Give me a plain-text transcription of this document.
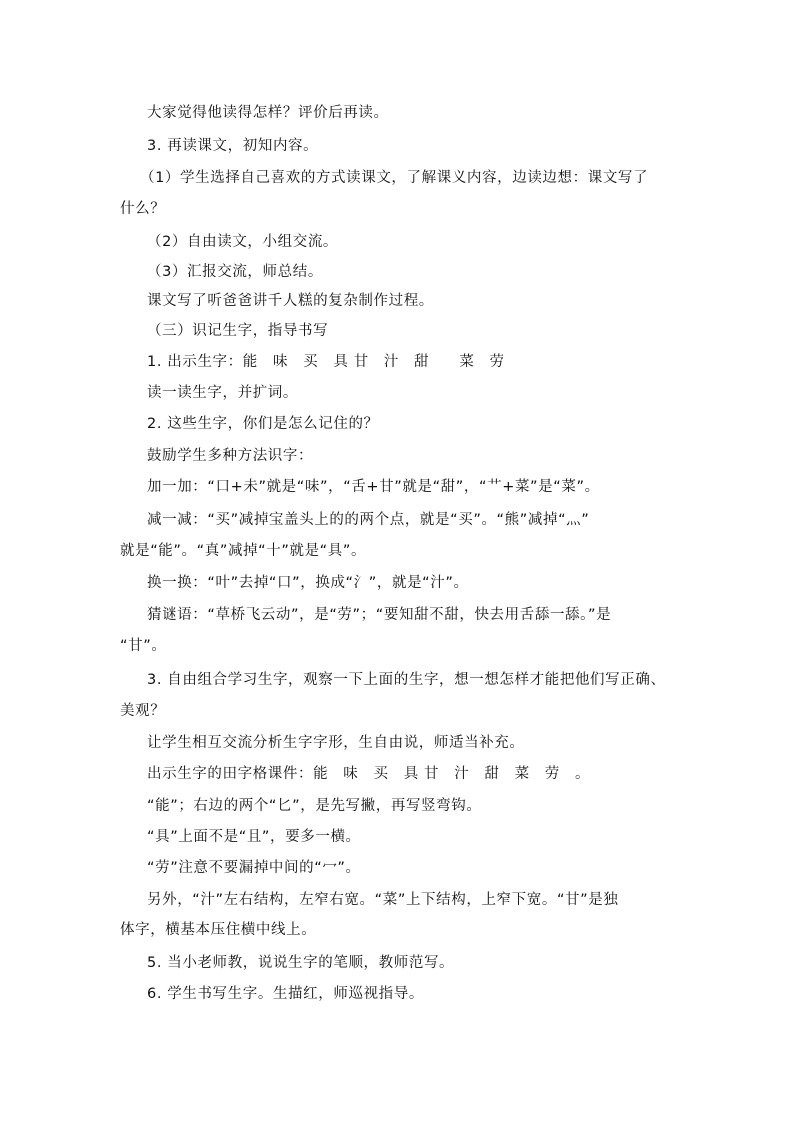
大家觉得他读得怎样？评价后再读。
3. 再读课文，初知内容。
（1）学生选择自己喜欢的方式读课文，了解课义内容，边读边想：课文写了
什么？
（2）自由读文，小组交流。
（3）汇报交流，师总结。
课文写了听爸爸讲千人糕的复杂制作过程。
（三）识记生字，指导书写
1. 出示生字：能　味　买　具 甘　汁　甜　　菜　劳
读一读生字，并扩词。
2. 这些生字，你们是怎么记住的？
鼓励学生多种方法识字：
加一加：“口+未”就是“味”，“舌+甘”就是“甜”，“艹+菜”是“菜”。
减一减：“买”减掉宝盖头上的的两个点，就是“买”。“熊”减掉“灬”
就是“能”。“真”减掉“十”就是“具”。
换一换：“叶”去掉“口”，换成“氵”，就是“汁”。
猜谜语：“草桥飞云动”，是“劳”；“要知甜不甜，快去用舌舔一舔。”是
“甘”。
3. 自由组合学习生字，观察一下上面的生字，想一想怎样才能把他们写正确、
美观？
让学生相互交流分析生字字形，生自由说，师适当补充。
出示生字的田字格课件：能　味　买　具 甘　汁　甜　菜　劳　。
“能”；右边的两个“匕”，是先写撇，再写竖弯钩。
“具”上面不是“且”，要多一横。
“劳”注意不要漏掉中间的“冖”。
另外，“汁”左右结构，左窄右宽。“菜”上下结构，上窄下宽。“甘”是独
体字，横基本压住横中线上。
5. 当小老师教，说说生字的笔顺，教师范写。
6. 学生书写生字。生描红，师巡视指导。
